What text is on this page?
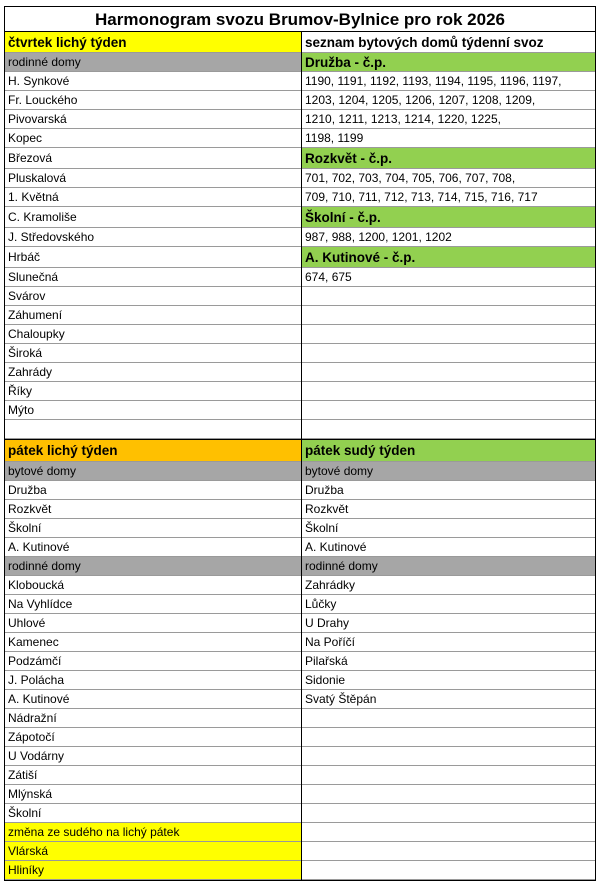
Harmonogram svozu Brumov-Bylnice pro rok 2026
čtvrtek lichý týden
rodinné domy
H. Synkové
Fr. Louckého
Pivovarská
Kopec
Březová
Pluskalová
1. Květná
C. Kramoliše
J. Středovského
Hrbáč
Slunečná
Svárov
Záhumení
Chaloupky
Široká
Zahrády
Říky
Mýto
seznam bytových domů týdenní svoz
Družba - č.p.
1190, 1191, 1192, 1193, 1194, 1195, 1196, 1197,
1203, 1204, 1205, 1206, 1207, 1208, 1209,
1210, 1211, 1213, 1214, 1220, 1225,
1198, 1199
Rozkvět - č.p.
701, 702, 703, 704, 705, 706, 707, 708,
709, 710, 711, 712, 713, 714, 715, 716, 717
Školní - č.p.
987, 988, 1200, 1201, 1202
A. Kutinové - č.p.
674, 675
pátek lichý týden
bytové domy
Družba
Rozkvět
Školní
A. Kutinové
rodinné domy
Kloboucká
Na Vyhlídce
Uhlové
Kamenec
Podzámčí
J. Polácha
A. Kutinové
Nádražní
Zápotočí
U Vodárny
Zátiší
Mlýnská
Školní
změna ze sudého na lichý pátek
Vlárská
Hliníky
pátek sudý týden
bytové domy
Družba
Rozkvět
Školní
A. Kutinové
rodinné domy
Zahrádky
Lůčky
U Drahy
Na Poříčí
Pilařská
Sidonie
Svatý Štěpán
